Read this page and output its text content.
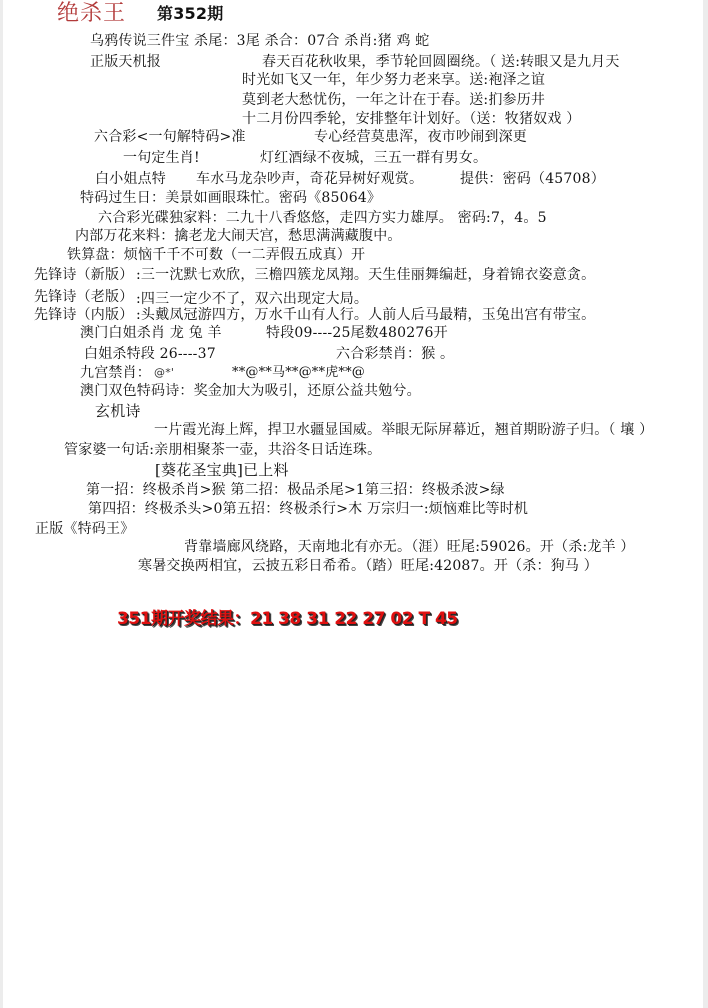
绝杀王 第352期
乌鸦传说三件宝 杀尾：3尾 杀合：07合 杀肖:猪 鸡 蛇
正版天机报	春天百花秋收果，季节轮回圆圈绕。（ 送:转眼又是九月天
时光如飞又一年，年少努力老来享。送:袍泽之谊
莫到老大愁忧伤，一年之计在于春。送:扪参历井
十二月份四季轮，安排整年计划好。（送：牧猪奴戏 ）
六合彩<一句解特码>准	专心经营莫患浑，夜市吵闹到深更
一句定生肖!	灯红酒绿不夜城，三五一群有男女。
白小姐点特 车水马龙杂吵声，奇花异树好观赏。	提供：密码（45708）
特码过生日：美景如画眼珠忙。密码《85064》
六合彩光碟独家料：二九十八香悠悠，走四方实力雄厚。 密码:7，4。5
内部万花来料：擒老龙大闹天宫，愁思满满藏腹中。
铁算盘：烦恼千千不可数（一二弄假五成真）开
先锋诗（新版） :三一沈默七欢欣，三檐四簇龙凤翔。天生佳丽舞编赶，身着锦衣姿意贪。
先锋诗（老版） :四三一定少不了，双六出现定大局。
先锋诗（内版） :头戴凤冠游四方，万水千山有人行。人前人后马最精，玉兔出宫有带宝。
澳门白姐杀肖 龙 兔 羊	特段09----25尾数480276开
白姐杀特段 26----37	六合彩禁肖：猴 。
九宫禁肖： @*'	**@**马**@**虎**@
澳门双色特码诗：奖金加大为吸引，还原公益共勉兮。
玄机诗
一片霞光海上辉，捍卫水疆显国威。举眼无际屏幕近，翘首期盼游子归。（ 壤 ）
管家婆一句话:亲朋相聚茶一壶，共浴冬日话连珠。
[葵花圣宝典]已上料
第一招：终极杀肖>猴 第二招：极品杀尾>1第三招：终极杀波>绿
第四招：终极杀头>0第五招：终极杀行>木 万宗归一:烦恼难比等时机
正版《特码王》
背靠墙廊风绕路，天南地北有亦无。（涯）旺尾:59026。开（杀:龙羊 ）
寒暑交换两相宜，云披五彩日希希。（踏）旺尾:42087。开（杀：狗马 ）
351期开奖结果：21 38 31 22 27 02 T 45
